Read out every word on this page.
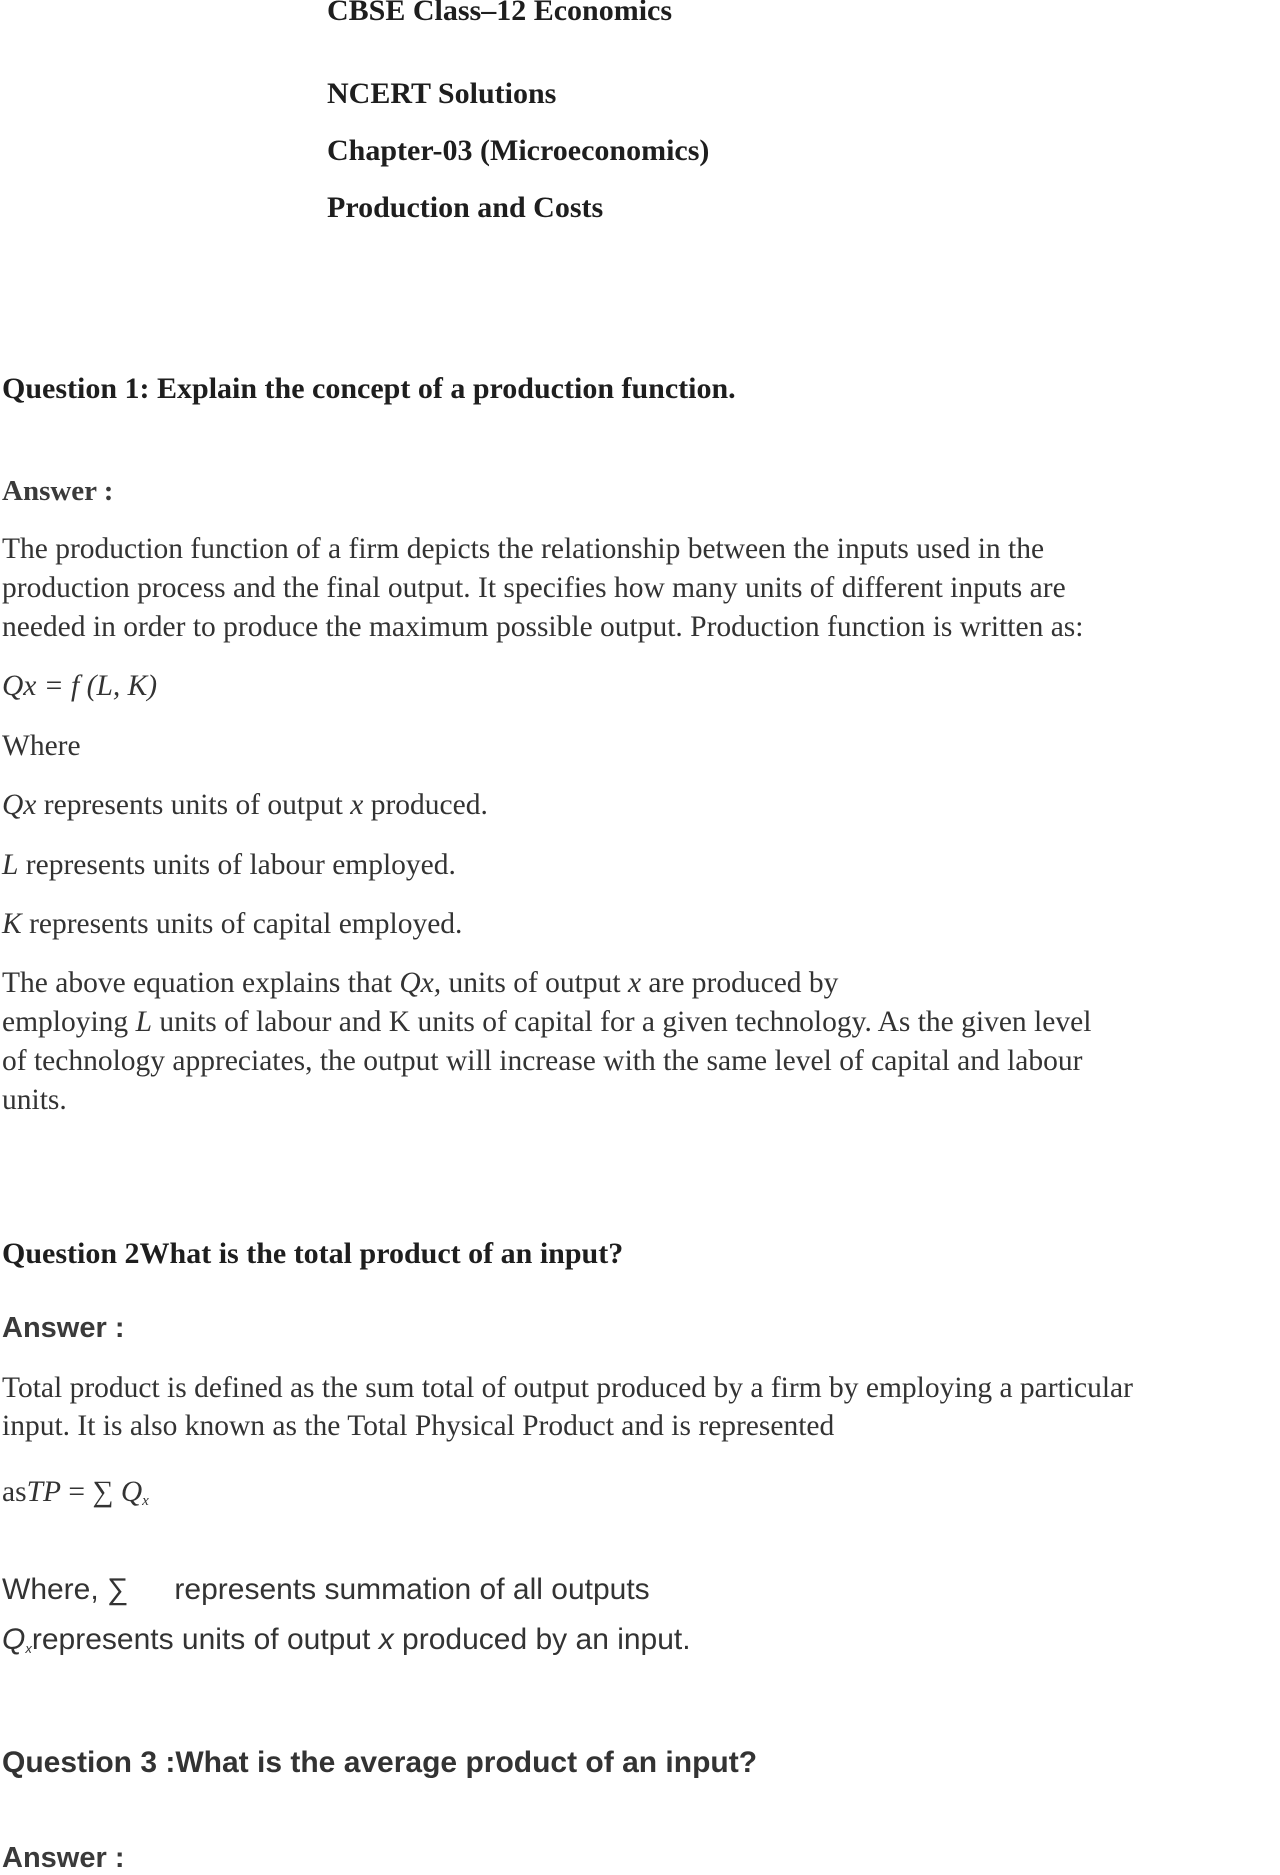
CBSE Class–12 Economics
NCERT Solutions
Chapter-03 (Microeconomics)
Production and Costs
Question 1: Explain the concept of a production function.
Answer :
The production function of a firm depicts the relationship between the inputs used in the
production process and the final output. It specifies how many units of different inputs are
needed in order to produce the maximum possible output. Production function is written as:
Qx = f (L, K)
Where
Qx represents units of output x produced.
L represents units of labour employed.
K represents units of capital employed.
The above equation explains that Qx, units of output x are produced by
employing L units of labour and K units of capital for a given technology. As the given level
of technology appreciates, the output will increase with the same level of capital and labour
units.
Question 2What is the total product of an input?
Answer :
Total product is defined as the sum total of output produced by a firm by employing a particular
input. It is also known as the Total Physical Product and is represented
asTP = ∑ $Q_x$
Where, ∑ represents summation of all outputs
$Q_xrepresents$ units of output x produced by an input.
Question 3 :What is the average product of an input?
Answer :
